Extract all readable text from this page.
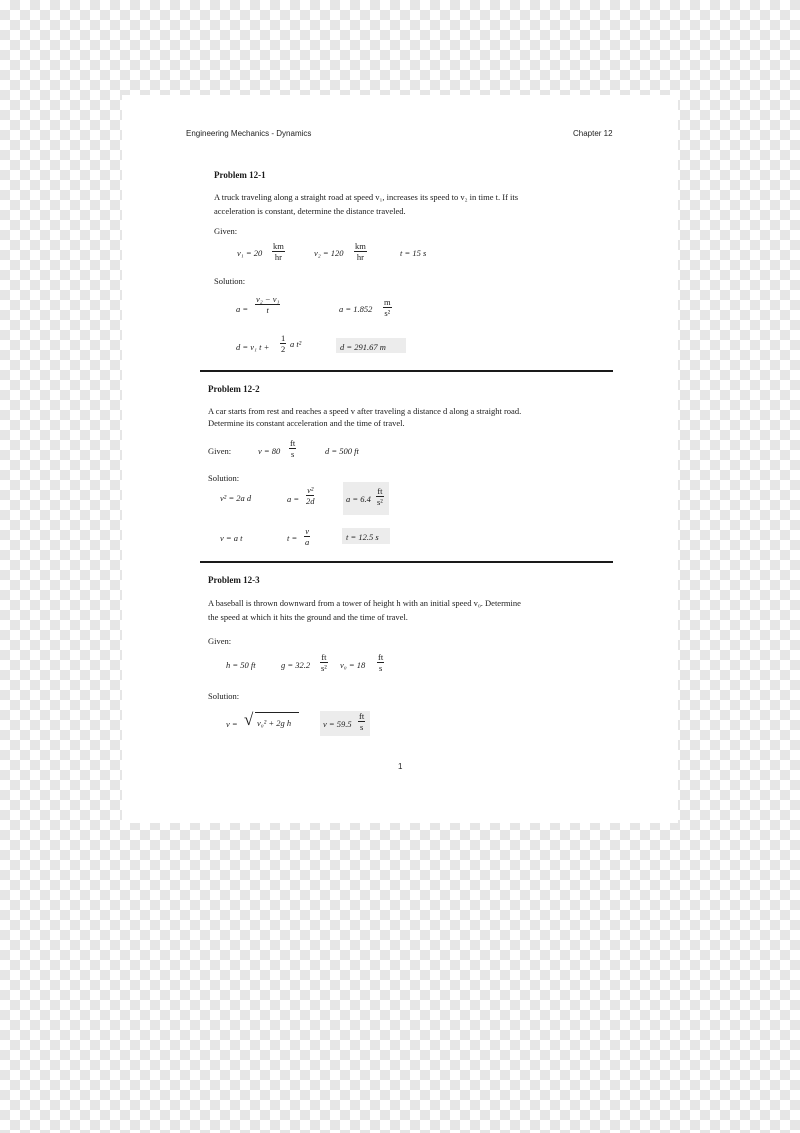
Engineering Mechanics - Dynamics	Chapter 12
Problem 12-1
A truck traveling along a straight road at speed v₁, increases its speed to v₂ in time t. If its
acceleration is constant, determine the distance traveled.
Given:
$v_1 = 20 \frac{km}{hr}$	$v_2 = 120 \frac{km}{hr}$	t = 15 s
Solution:
$a = \frac{\text{v₂ − v₁}}{t}$	$a = 1.852 \frac{m}{\text{s²}}$
d = v₁ $t + \frac{1}{2}$ a t²	d = 291.67 m
Problem 12-2
A car starts from rest and reaches a speed v after traveling a distance d along a straight road.
Determine its constant acceleration and the time of travel.
Given:	$v = 80 \frac{ft}{s}$	d = 500 ft
Solution:
v² = 2a d	$a = \frac{\text{v²}}{2d}$	$a = 6.4 \frac{ft}{\text{s²}}$
v = a t	$t = \frac{v}{a}$	t = 12.5 s
Problem 12-3
A baseball is thrown downward from a tower of height h with an initial speed v₀. Determine
the speed at which it hits the ground and the time of travel.
Given:
h = 50 ft	$g = 32.2 \frac{ft}{\text{s²}} v_0 = 18 \frac{ft}{s}$
Solution:
v = √ v₀² + 2g h	$v = 59.5 \frac{ft}{s}$
1
